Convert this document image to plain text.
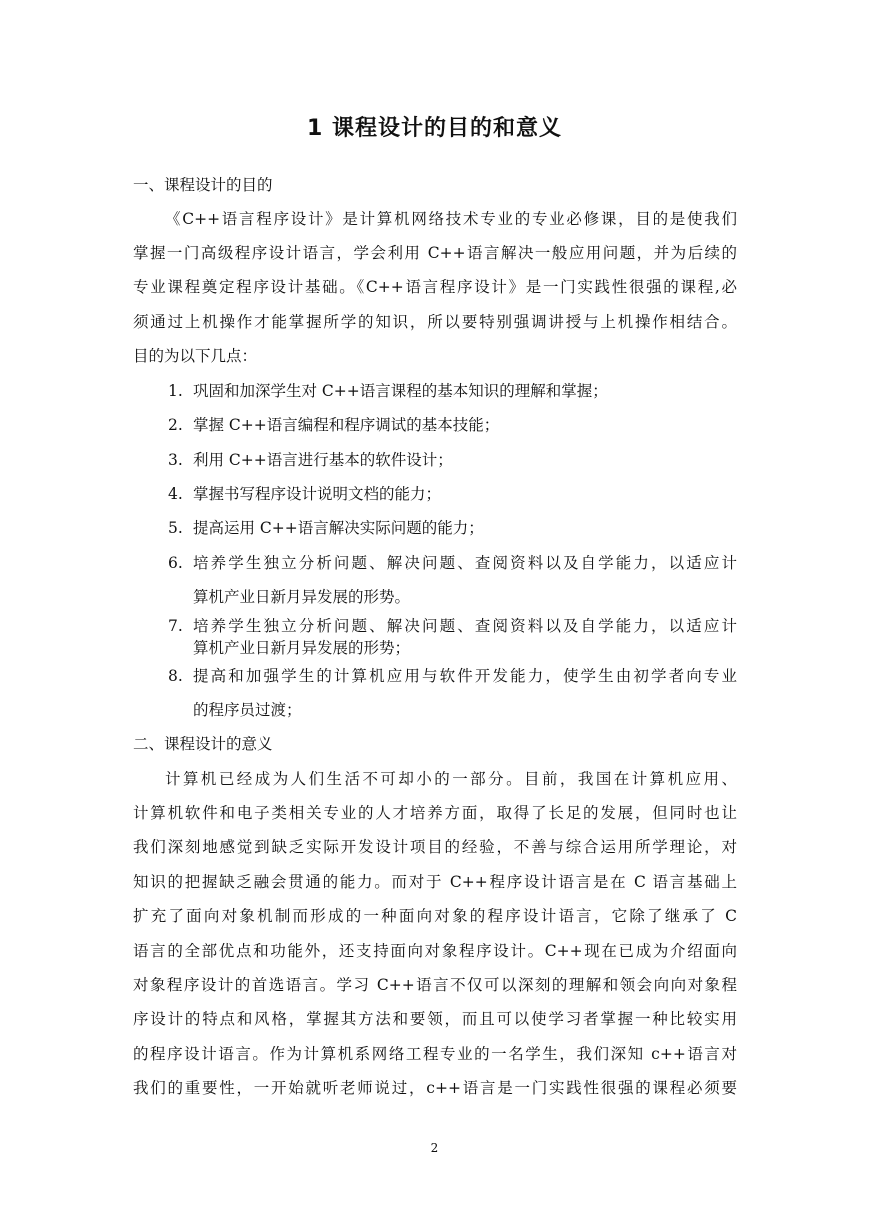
1 课程设计的目的和意义
一、课程设计的目的
《C++语言程序设计》是计算机网络技术专业的专业必修课，目的是使我们
掌握一门高级程序设计语言，学会利用 C++语言解决一般应用问题，并为后续的
专业课程奠定程序设计基础。《C++语言程序设计》是一门实践性很强的课程,必
须通过上机操作才能掌握所学的知识，所以要特别强调讲授与上机操作相结合。
目的为以下几点：
1. 巩固和加深学生对 C++语言课程的基本知识的理解和掌握；
2. 掌握 C++语言编程和程序调试的基本技能；
3. 利用 C++语言进行基本的软件设计；
4. 掌握书写程序设计说明文档的能力；
5. 提高运用 C++语言解决实际问题的能力；
6. 培养学生独立分析问题、解决问题、查阅资料以及自学能力，以适应计
算机产业日新月异发展的形势。
7. 培养学生独立分析问题、解决问题、查阅资料以及自学能力，以适应计
算机产业日新月异发展的形势；
8. 提高和加强学生的计算机应用与软件开发能力，使学生由初学者向专业
的程序员过渡；
二、课程设计的意义
计算机已经成为人们生活不可却小的一部分。目前，我国在计算机应用、
计算机软件和电子类相关专业的人才培养方面，取得了长足的发展，但同时也让
我们深刻地感觉到缺乏实际开发设计项目的经验，不善与综合运用所学理论，对
知识的把握缺乏融会贯通的能力。而对于 C++程序设计语言是在 C 语言基础上
扩充了面向对象机制而形成的一种面向对象的程序设计语言，它除了继承了 C
语言的全部优点和功能外，还支持面向对象程序设计。C++现在已成为介绍面向
对象程序设计的首选语言。学习 C++语言不仅可以深刻的理解和领会向向对象程
序设计的特点和风格，掌握其方法和要领，而且可以使学习者掌握一种比较实用
的程序设计语言。作为计算机系网络工程专业的一名学生，我们深知 c++语言对
我们的重要性，一开始就听老师说过，c++语言是一门实践性很强的课程必须要
2
